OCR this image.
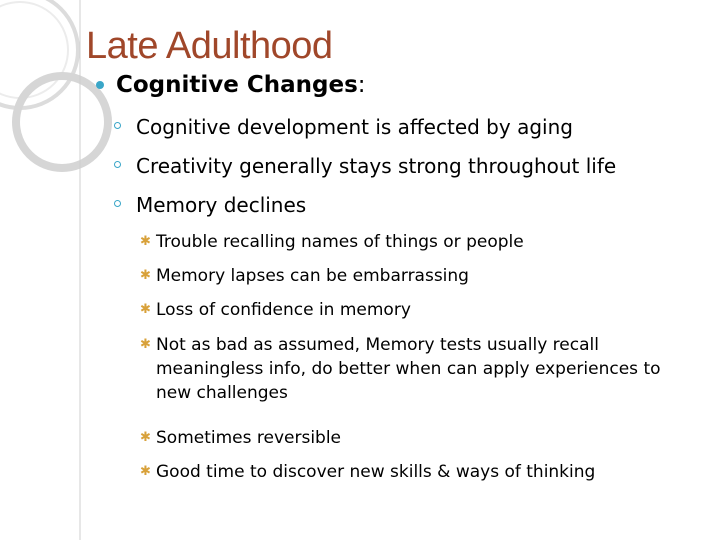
Late Adulthood
Cognitive Changes:
Cognitive development is affected by aging
Creativity generally stays strong throughout life
Memory declines
✱ Trouble recalling names of things or people
✱ Memory lapses can be embarrassing
✱ Loss of confidence in memory
✱ Not as bad as assumed, Memory tests usually recall meaningless info, do better when can apply experiences to new challenges
✱ Sometimes reversible
✱ Good time to discover new skills & ways of thinking
